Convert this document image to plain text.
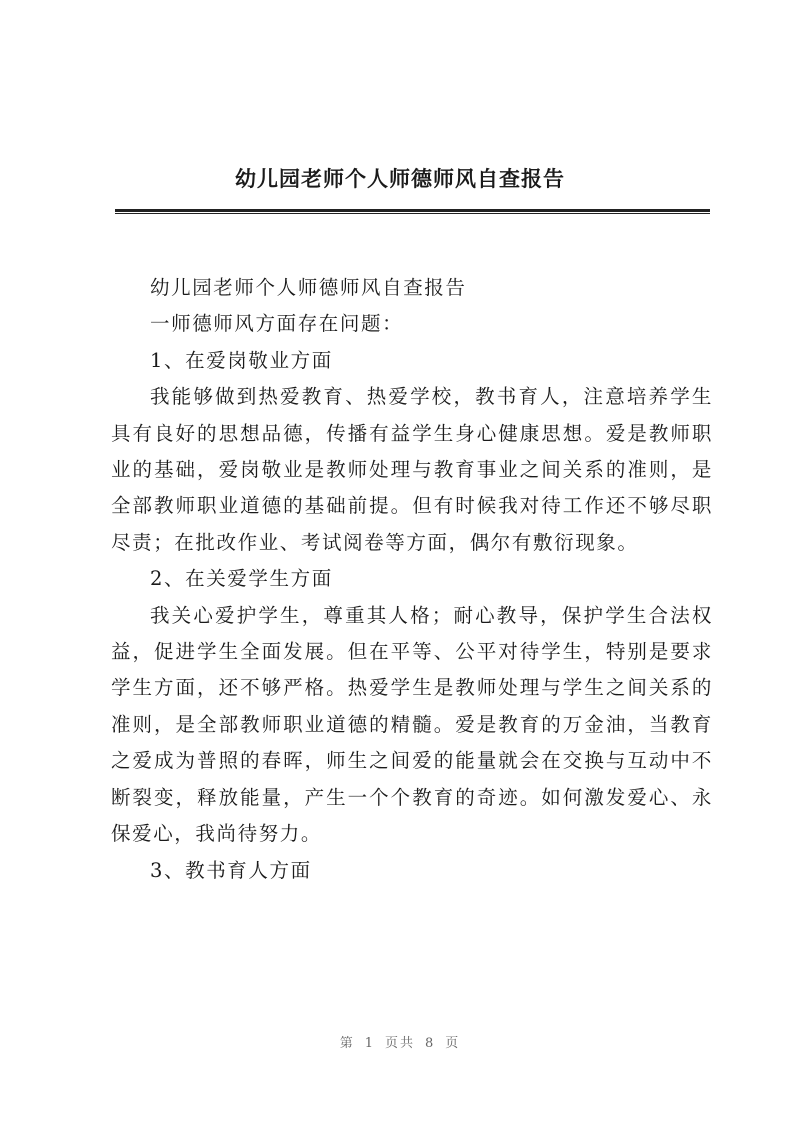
幼儿园老师个人师德师风自查报告

幼儿园老师个人师德师风自查报告

一师德师风方面存在问题：

1、在爱岗敬业方面

我能够做到热爱教育、热爱学校，教书育人，注意培养学生具有良好的思想品德，传播有益学生身心健康思想。爱是教师职业的基础，爱岗敬业是教师处理与教育事业之间关系的准则，是全部教师职业道德的基础前提。但有时候我对待工作还不够尽职尽责；在批改作业、考试阅卷等方面，偶尔有敷衍现象。

2、在关爱学生方面

我关心爱护学生，尊重其人格；耐心教导，保护学生合法权益，促进学生全面发展。但在平等、公平对待学生，特别是要求学生方面，还不够严格。热爱学生是教师处理与学生之间关系的准则，是全部教师职业道德的精髓。爱是教育的万金油，当教育之爱成为普照的春晖，师生之间爱的能量就会在交换与互动中不断裂变，释放能量，产生一个个教育的奇迹。如何激发爱心、永保爱心，我尚待努力。

3、教书育人方面

第 1 页共 8 页
